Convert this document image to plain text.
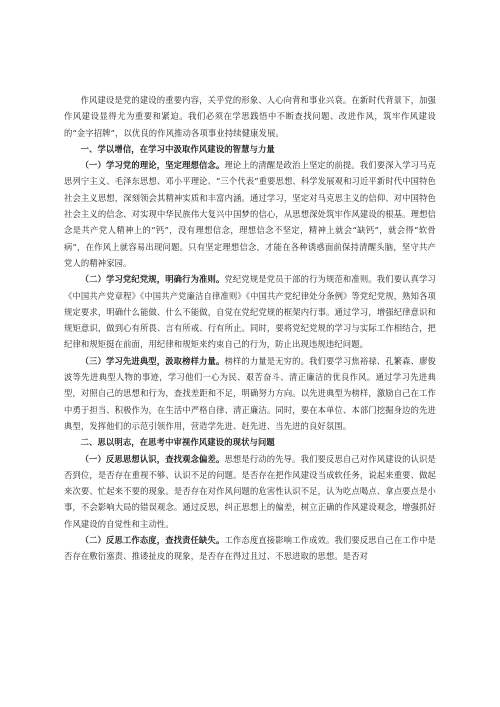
作风建设是党的建设的重要内容，关乎党的形象、人心向背和事业兴衰。在新时代背景下，加强作风建设显得尤为重要和紧迫。我们必须在学思践悟中不断查找问题、改进作风，筑牢作风建设的“金字招牌”，以优良的作风推动各项事业持续健康发展。

一、学以增信，在学习中汲取作风建设的智慧与力量

（一）学习党的理论，坚定理想信念。理论上的清醒是政治上坚定的前提。我们要深入学习马克思列宁主义、毛泽东思想、邓小平理论、“三个代表”重要思想、科学发展观和习近平新时代中国特色社会主义思想，深刻领会其精神实质和丰富内涵。通过学习，坚定对马克思主义的信仰、对中国特色社会主义的信念、对实现中华民族伟大复兴中国梦的信心，从思想深处筑牢作风建设的根基。理想信念是共产党人精神上的“钙”，没有理想信念，理想信念不坚定，精神上就会“缺钙”，就会得“软骨病”，在作风上就容易出现问题。只有坚定理想信念，才能在各种诱惑面前保持清醒头脑，坚守共产党人的精神家园。

（二）学习党纪党规，明确行为准则。党纪党规是党员干部的行为规范和准则。我们要认真学习《中国共产党章程》《中国共产党廉洁自律准则》《中国共产党纪律处分条例》等党纪党规，熟知各项规定要求，明确什么能做、什么不能做，自觉在党纪党规的框架内行事。通过学习，增强纪律意识和规矩意识，做到心有所畏、言有所戒、行有所止。同时，要将党纪党规的学习与实际工作相结合，把纪律和规矩挺在前面，用纪律和规矩来约束自己的行为，防止出现违规违纪问题。

（三）学习先进典型，汲取榜样力量。榜样的力量是无穷的。我们要学习焦裕禄、孔繁森、廖俊波等先进典型人物的事迹，学习他们一心为民、艰苦奋斗、清正廉洁的优良作风。通过学习先进典型，对照自己的思想和行为，查找差距和不足，明确努力方向。以先进典型为榜样，激励自己在工作中勇于担当、积极作为，在生活中严格自律、清正廉洁。同时，要在本单位、本部门挖掘身边的先进典型，发挥他们的示范引领作用，营造学先进、赶先进、当先进的良好氛围。

二、思以明志，在思考中审视作风建设的现状与问题

（一）反思思想认识，查找观念偏差。思想是行动的先导。我们要反思自己对作风建设的认识是否到位，是否存在重视不够、认识不足的问题。是否存在把作风建设当成软任务，说起来重要、做起来次要、忙起来不要的现象。是否存在对作风问题的危害性认识不足，认为吃点喝点、拿点要点是小事，不会影响大局的错误观念。通过反思，纠正思想上的偏差，树立正确的作风建设观念，增强抓好作风建设的自觉性和主动性。

（二）反思工作态度，查找责任缺失。工作态度直接影响工作成效。我们要反思自己在工作中是否存在敷衍塞责、推诿扯皮的现象，是否存在得过且过、不思进取的思想。是否对
